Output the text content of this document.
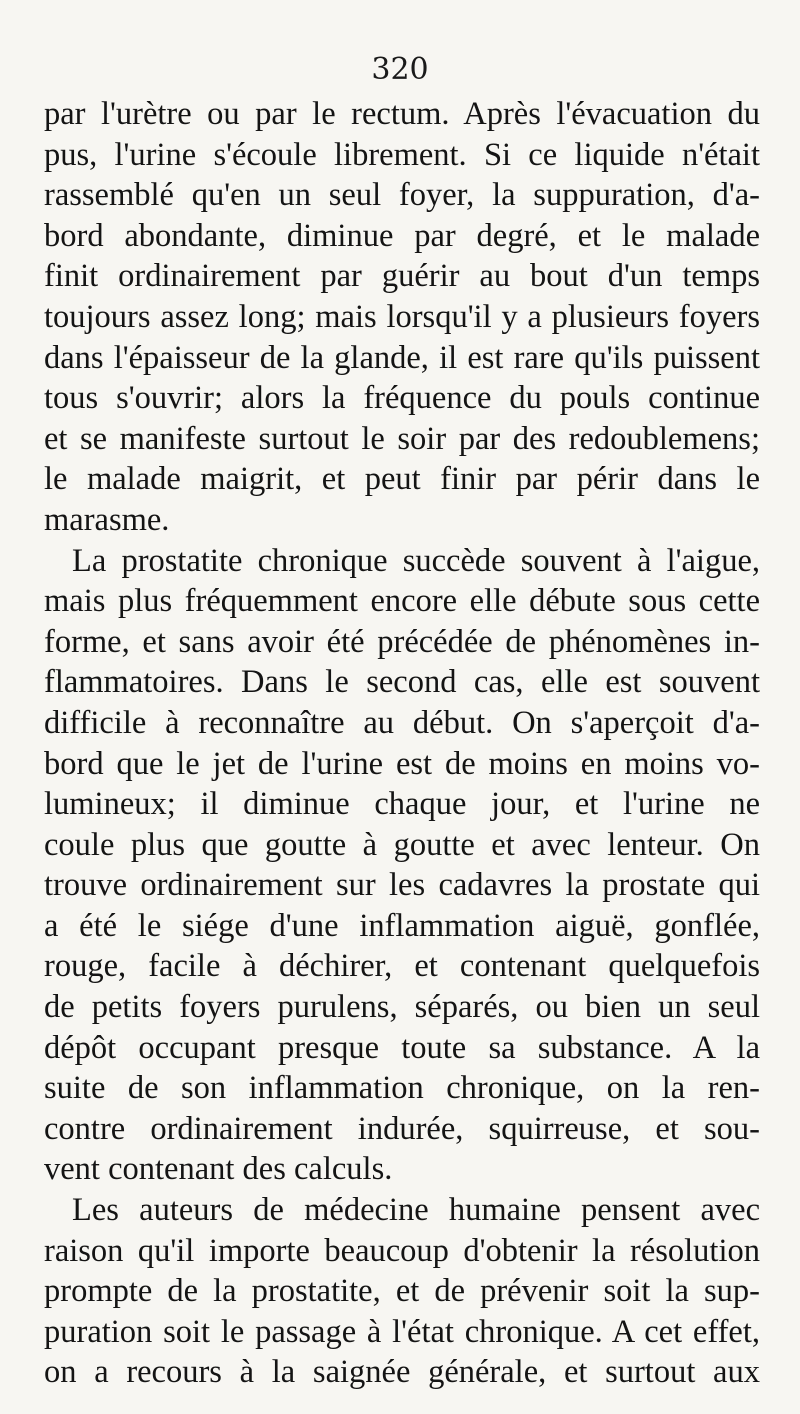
320
par l'urètre ou par le rectum. Après l'évacuation du
pus, l'urine s'écoule librement. Si ce liquide n'était
rassemblé qu'en un seul foyer, la suppuration, d'a-
bord abondante, diminue par degré, et le malade
finit ordinairement par guérir au bout d'un temps
toujours assez long; mais lorsqu'il y a plusieurs foyers
dans l'épaisseur de la glande, il est rare qu'ils puissent
tous s'ouvrir; alors la fréquence du pouls continue
et se manifeste surtout le soir par des redoublemens;
le malade maigrit, et peut finir par périr dans le
marasme.
La prostatite chronique succède souvent à l'aigue,
mais plus fréquemment encore elle débute sous cette
forme, et sans avoir été précédée de phénomènes in-
flammatoires. Dans le second cas, elle est souvent
difficile à reconnaître au début. On s'aperçoit d'a-
bord que le jet de l'urine est de moins en moins vo-
lumineux; il diminue chaque jour, et l'urine ne
coule plus que goutte à goutte et avec lenteur. On
trouve ordinairement sur les cadavres la prostate qui
a été le siége d'une inflammation aiguë, gonflée,
rouge, facile à déchirer, et contenant quelquefois
de petits foyers purulens, séparés, ou bien un seul
dépôt occupant presque toute sa substance. A la
suite de son inflammation chronique, on la ren-
contre ordinairement indurée, squirreuse, et sou-
vent contenant des calculs.
Les auteurs de médecine humaine pensent avec
raison qu'il importe beaucoup d'obtenir la résolution
prompte de la prostatite, et de prévenir soit la sup-
puration soit le passage à l'état chronique. A cet effet,
on a recours à la saignée générale, et surtout aux
